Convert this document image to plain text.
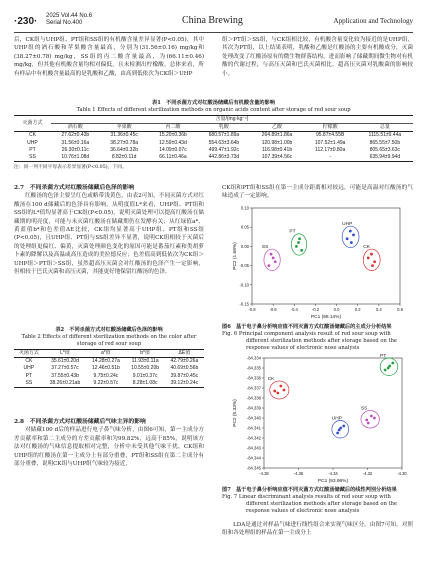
·230· 2025 Vol.44 No.6
Serial No.400	China Brewing	Application and Technology
后，CK组与UHP组、PT组和SS组的有机酸含量差异显著(P<0.05)，其中UHP组的酒石酸和苹果酸含量最高，分别为(31.56±0.16) mg/kg和(38.27±0.78) mg/kg，SS组的丙二酸含量最高，为(66.11±0.46) mg/kg，但其他有机酸含量均相对偏低，且未检测出柠檬酸。总体来看，所有样品中有机酸含量最高的是乳酸和乙酸，由高到低依次为CK组＞UHP
组＞PT组＞SS组，与CK组相比较，有机酸含量变化较为接近的是UHP组，其次为PT组，以上结果表明，乳酸和乙酸是红酸汤的主要有机酸成分，灭菌处理改变了红酸汤原有的微生物群落结构，进而影响了储藏期间微生物对有机酸的代谢过程，与高压灭菌和巴氏灭菌相比，超高压灭菌对乳酸菌的影响较小。
表1　不同杀菌方式对红酸汤储藏后有机酸含量的影响
Table 1 Effects of different sterilization methods on organic acids content after storage of red sour soup
灭菌方式	含量/(mg·kg⁻¹)						
	酒石酸	苹果酸	丙二酸	乳酸	乙酸	柠檬酸	总量
CK	27.62±0.43b	31.36±0.45c	15.20±0.36b	680.57±1.89a	264.89±1.86a	95.87±4.55B	1115.51±9.44a
UHP	31.56±0.16a	38.27±0.78a	12.59±0.43d	554.63±3.64b	120.98±1.00b	107.52±1.49a	865.55±7.50b
PT	26.30±0.11c	36.64±0.32b	14.09±0.07c	499.47±1.92c	116.98±0.41b	112.17±0.80a	805.65±3.63c
SS	10.76±1.08d	8.82±0.11d	66.11±0.46a	442.86±3.73d	107.39±4.56c	-	635.94±9.94d
注：同一列不同字母表示差异显著(P<0.05)，下同。
2.7　不同杀菌方式对红酸汤储藏后色泽的影响
红酸汤的色泽主要呈红色或略带浅黄色，由表2可知，不同灭菌方式对红酸汤在100 d储藏后的色泽具有影响，从明度值L*来看，UHP组、PT组和SS组的L*值均显著高于CK组(P<0.05)，说明灭菌处理可以提高红酸汤在储藏期的明亮度，可能与未灭菌红酸汤在储藏期仍在发酵有关；从红绿值a*、黄蓝值b*和色差值ΔE比较，CK组均显著高于UHP组、PT组和SS组(P<0.05)，且UHP组、PT组与SS组差异不显著，说明CK组相较于灭菌后的处理组更偏红、偏黄，灭菌处理颜色变化的原因可能是番茄红素和类胡萝卜素的降解以及高温或高压造成的美拉德反应；色差值高到低依次为CK组＞UHP组＞PT组＞SS组，虽然超高压灭菌会对红酸汤的色泽产生一定影响，但相较于巴氏灭菌和高压灭菌，其能更好地保留红酸汤的色泽。
表2　不同杀菌方式对红酸汤储藏后色泽的影响
Table 2 Effects of different sterilization methods on the color after
storage of red sour soup
灭菌方式	L*值	a*值	b*值	ΔE值
CK	35.61±0.20d	14.28±0.27a	11.93±0.11a	42.79±0.26a
UHP	37.27±0.57c	12.46±0.51b	10.55±0.20b	40.69±0.56b
PT	37.55±0.43b	9.75±0.24c	9.01±0.37c	39.87±0.45c
SS	38.26±0.21ab	9.22±0.57c	8.28±1.08c	39.12±0.24c
2.8　不同杀菌方式对红酸汤储藏后气味主异的影响
对储藏100 d后的样品进行电子鼻气味分析，由图6可知，第一主成分方差贡献率和第二主成分的方差贡献率和为99.82%，远高于85%，说明该方法对红酸汤的气味信息提取相对完整，分析中未受其他气味干扰，CK组和UHP组的红酸汤在第一主成分上有部分重叠，PT组和SS组在第二主成分有部分重叠，说明CK组与UHP组气味较为接近，
CK组和PT组和SS组在第一主成分距离相对较远，可能是高温对红酸汤的气味造成了一定影响。
-0.8	-0.6	-0.4	-0.2	0.0	0.2	0.4	0.6
0.10
0.05
0.00
-0.05
-0.10
-0.15
PC1 (98.14%)
PC2 (1.68%)	CK
UHP
PT
SS
图6　基于电子鼻分析响应值不同灭菌方式红酸汤储藏后的主成分分析结果
Fig. 6 Principal component analysis result of red sour soup with
different sterilization methods after storage based on the
response values of electronic nose analysis
-4.38	-4.36	-4.34	-4.32	-4.30
-84.334
-84.335
-84.336
-84.337
-84.338
-84.339
-84.340
-84.341
-84.342
-84.343
-84.344
-84.345
PC1 (93.96%)
PC2 (5.33%)
CK
UHP
SS
PT
图7　基于电子鼻分析响应值不同灭菌方式红酸汤储藏后的线性判别分析结果
Fig. 7 Linear discriminant analysis results of red sour soup with
different sterilization methods after storage based on the
response values of electronic nose analysis
LDA是通过对样品气味进行线性组合来实现气味区分，由图7可知，对照组和各处理组的样品在第一主成分上
